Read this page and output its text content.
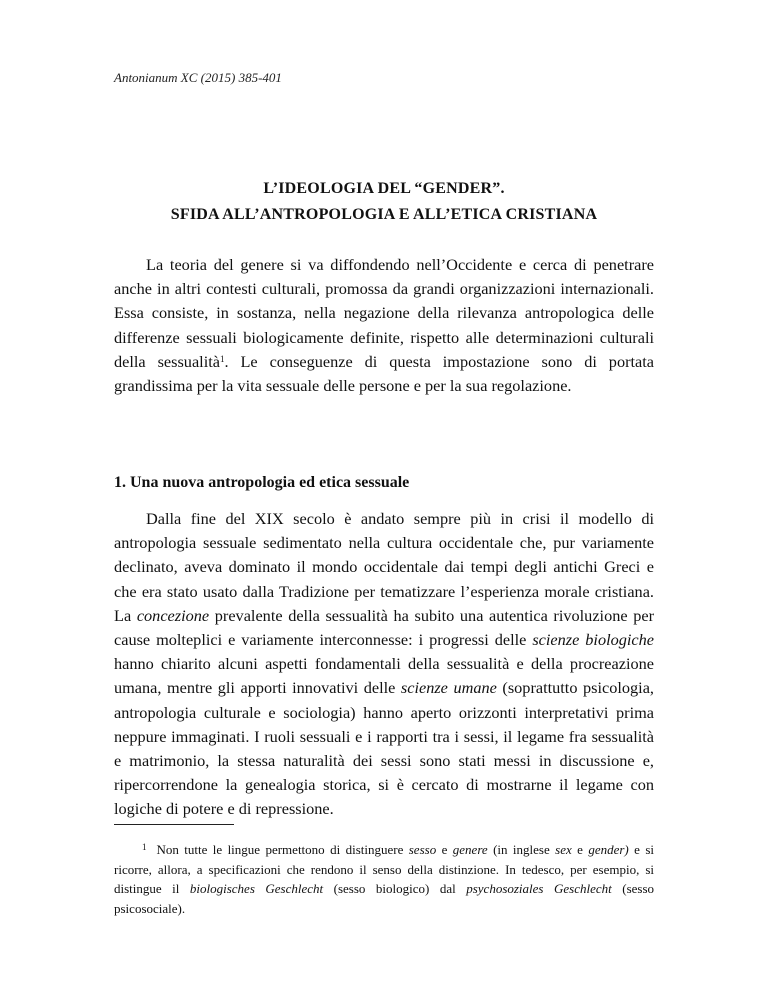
Antonianum XC (2015) 385-401
L’IDEOLOGIA DEL “GENDER”.
SFIDA ALL’ANTROPOLOGIA E ALL’ETICA CRISTIANA

La teoria del genere si va diffondendo nell’Occidente e cerca di penetrare anche in altri contesti culturali, promossa da grandi organizzazioni internazionali. Essa consiste, in sostanza, nella negazione della rilevanza antropologica delle differenze sessuali biologicamente definite, rispetto alle determinazioni culturali della sessualità$^1$. Le conseguenze di questa impostazione sono di portata grandissima per la vita sessuale delle persone e per la sua regolazione.

1. Una nuova antropologia ed etica sessuale

Dalla fine del XIX secolo è andato sempre più in crisi il modello di antropologia sessuale sedimentato nella cultura occidentale che, pur variamente declinato, aveva dominato il mondo occidentale dai tempi degli antichi Greci e che era stato usato dalla Tradizione per tematizzare l’esperienza morale cristiana. La concezione prevalente della sessualità ha subito una autentica rivoluzione per cause molteplici e variamente interconnesse: i progressi delle scienze biologiche hanno chiarito alcuni aspetti fondamentali della sessualità e della procreazione umana, mentre gli apporti innovativi delle scienze umane (soprattutto psicologia, antropologia culturale e sociologia) hanno aperto orizzonti interpretativi prima neppure immaginati. I ruoli sessuali e i rapporti tra i sessi, il legame fra sessualità e matrimonio, la stessa naturalità dei sessi sono stati messi in discussione e, ripercorrendone la genealogia storica, si è cercato di mostrarne il legame con logiche di potere e di repressione.

$^1$ Non tutte le lingue permettono di distinguere sesso e genere (in inglese sex e gender) e si ricorre, allora, a specificazioni che rendono il senso della distinzione. In tedesco, per esempio, si distingue il biologisches Geschlecht (sesso biologico) dal psychosoziales Geschlecht (sesso psicosociale).
